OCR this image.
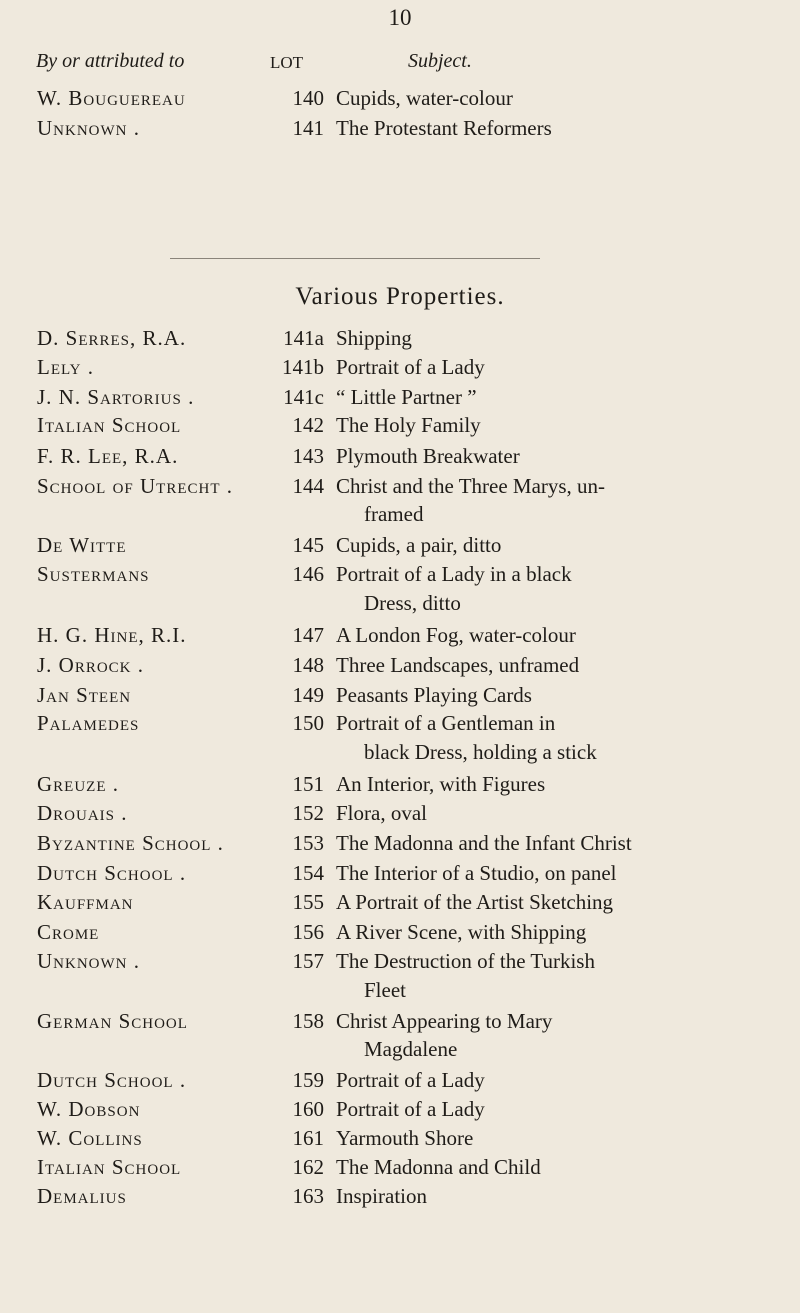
10
By or attributed to	LOT	Subject.
W. Bouguereau	140 Cupids, water-colour
Unknown .	141 The Protestant Reformers
Various Properties.
D. Serres, R.A.	141a Shipping
Lely .	141b Portrait of a Lady
J. N. Sartorius .	141c “ Little Partner ”
Italian School	142 The Holy Family
F. R. Lee, R.A.	143 Plymouth Breakwater
School of Utrecht .	144 Christ and the Three Marys, un-
framed
De Witte	145 Cupids, a pair, ditto
Sustermans	146 Portrait of a Lady in a black
Dress, ditto
H. G. Hine, R.I.	147 A London Fog, water-colour
J. Orrock .	148 Three Landscapes, unframed
Jan Steen	149 Peasants Playing Cards
Palamedes	150 Portrait of a Gentleman in
black Dress, holding a stick
Greuze .	151 An Interior, with Figures
Drouais .	152 Flora, oval
Byzantine School .	153 The Madonna and the Infant Christ
Dutch School .	154 The Interior of a Studio, on panel
Kauffman	155 A Portrait of the Artist Sketching
Crome	156 A River Scene, with Shipping
Unknown .	157 The Destruction of the Turkish
Fleet
German School	158 Christ Appearing to Mary
Magdalene
Dutch School .	159 Portrait of a Lady
W. Dobson	160 Portrait of a Lady
W. Collins	161 Yarmouth Shore
Italian School	162 The Madonna and Child
Demalius	163 Inspiration
